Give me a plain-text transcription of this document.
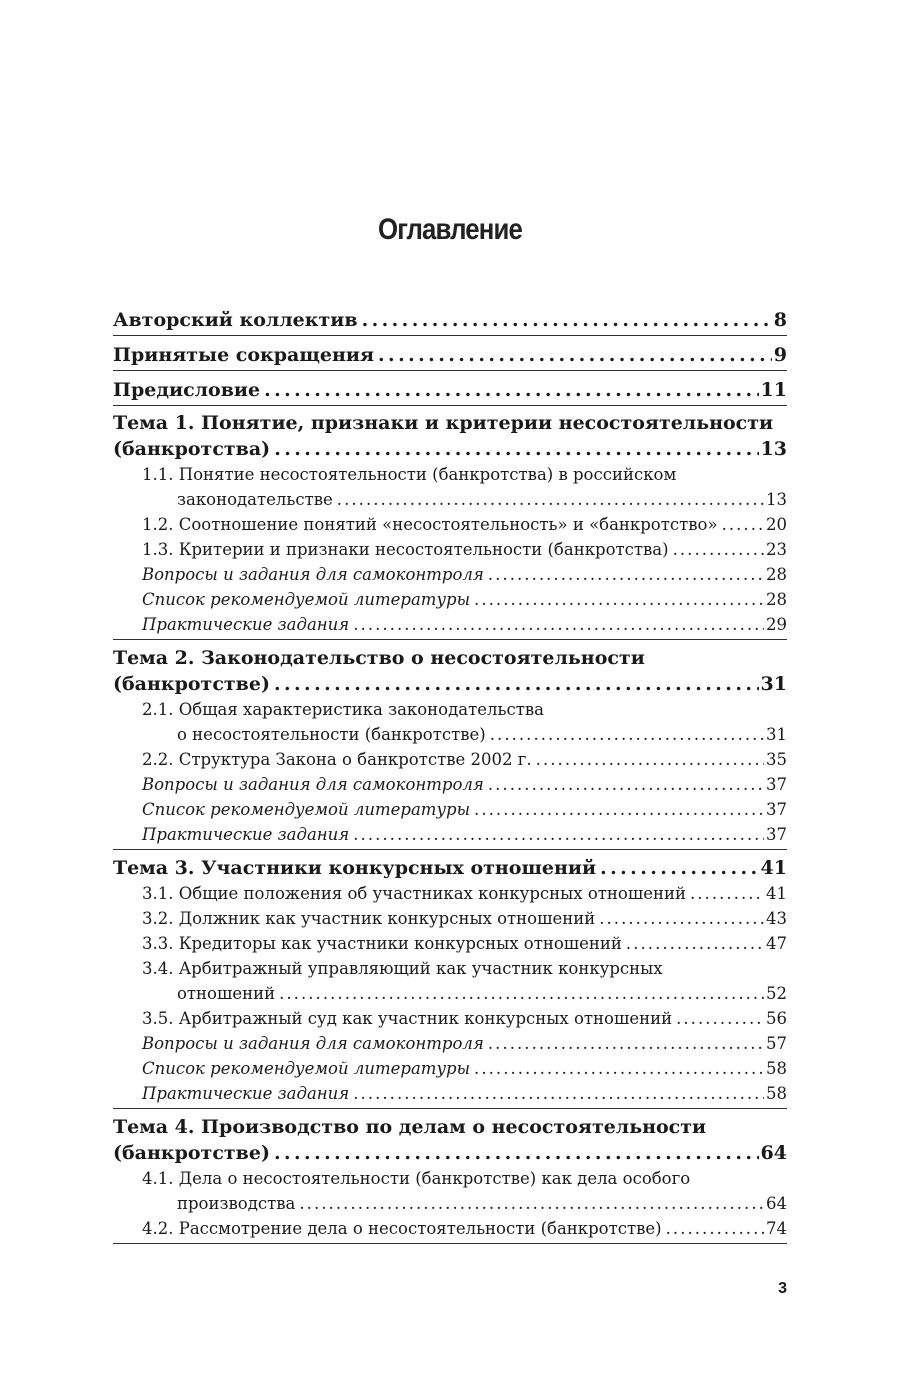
Оглавление
Авторский коллектив . . .	8
Принятые сокращения . . .	9
Предисловие . . .	11
Тема 1. Понятие, признаки и критерии несостоятельности
(банкротства) . . .	13
1.1. Понятие несостоятельности (банкротства) в российском
законодательстве . . .	13
1.2. Соотношение понятий «несостоятельность» и «банкротство» . . .	20
1.3. Критерии и признаки несостоятельности (банкротства) . . .	23
Вопросы и задания для самоконтроля . . .	28
Список рекомендуемой литературы . . .	28
Практические задания . . .	29
Тема 2. Законодательство о несостоятельности
(банкротстве) . . .	31
2.1. Общая характеристика законодательства
о несостоятельности (банкротстве) . . .	31
2.2. Структура Закона о банкротстве 2002 г. . . .	35
Вопросы и задания для самоконтроля . . .	37
Список рекомендуемой литературы . . .	37
Практические задания . . .	37
Тема 3. Участники конкурсных отношений . . .	41
3.1. Общие положения об участниках конкурсных отношений . . .	41
3.2. Должник как участник конкурсных отношений . . .	43
3.3. Кредиторы как участники конкурсных отношений . . .	47
3.4. Арбитражный управляющий как участник конкурсных
отношений . . .	52
3.5. Арбитражный суд как участник конкурсных отношений . . .	56
Вопросы и задания для самоконтроля . . .	57
Список рекомендуемой литературы . . .	58
Практические задания . . .	58
Тема 4. Производство по делам о несостоятельности
(банкротстве) . . .	64
4.1. Дела о несостоятельности (банкротстве) как дела особого
производства . . .	64
4.2. Рассмотрение дела о несостоятельности (банкротстве) . . .	74
3
